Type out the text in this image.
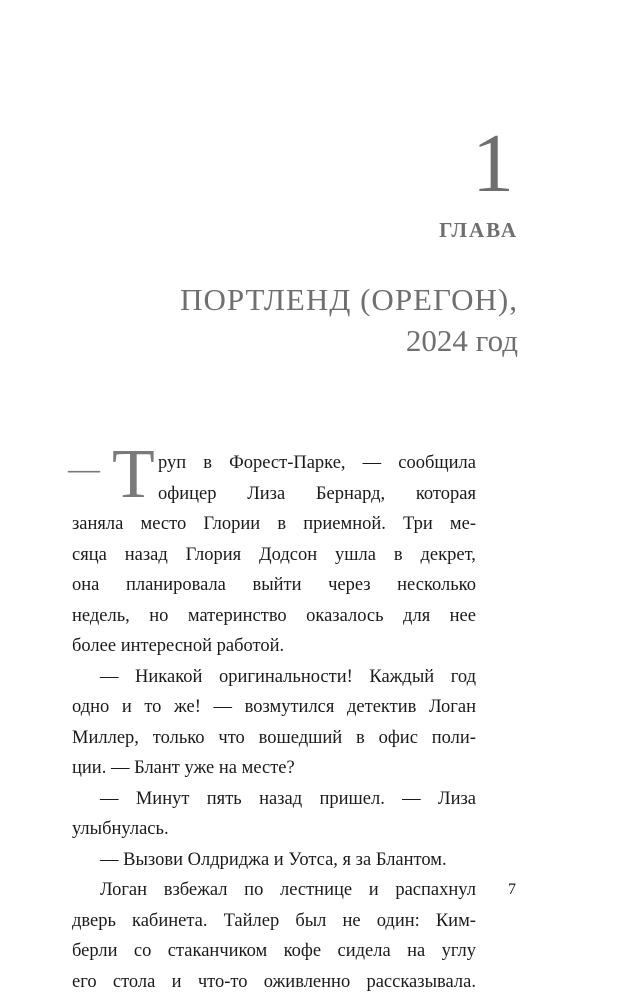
1
ГЛАВА
ПОРТЛЕНД (ОРЕГОН),
2024 год
— Т руп в Форест-Парке, — сообщила
офицер Лиза Бернард, которая
заняла место Глории в приемной. Три ме-
сяца назад Глория Додсон ушла в декрет,
она планировала выйти через несколько
недель, но материнство оказалось для нее
более интересной работой.
— Никакой оригинальности! Каждый год
одно и то же! — возмутился детектив Логан
Миллер, только что вошедший в офис поли-
ции. — Блант уже на месте?
— Минут пять назад пришел. — Лиза
улыбнулась.
— Вызови Олдриджа и Уотса, я за Блантом.
Логан взбежал по лестнице и распахнул
дверь кабинета. Тайлер был не один: Ким-
берли со стаканчиком кофе сидела на углу
его стола и что-то оживленно рассказывала.
7
